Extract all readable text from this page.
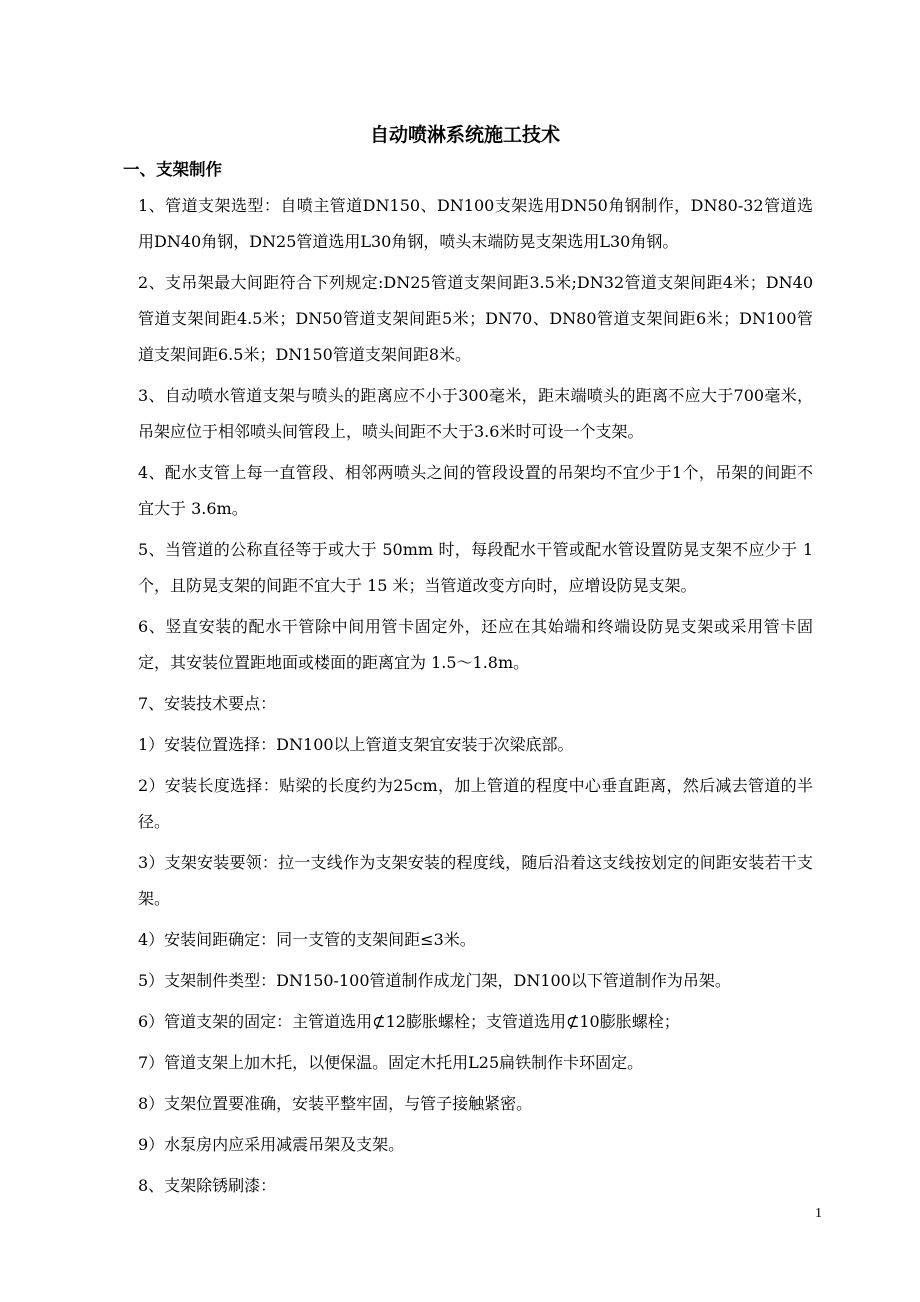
自动喷淋系统施工技术
一、支架制作

1、管道支架选型：自喷主管道DN150、DN100支架选用DN50角钢制作，DN80-32管道选用DN40角钢，DN25管道选用L30角钢，喷头末端防晃支架选用L30角钢。

2、支吊架最大间距符合下列规定:DN25管道支架间距3.5米;DN32管道支架间距4米；DN40管道支架间距4.5米；DN50管道支架间距5米；DN70、DN80管道支架间距6米；DN100管道支架间距6.5米；DN150管道支架间距8米。

3、自动喷水管道支架与喷头的距离应不小于300毫米，距末端喷头的距离不应大于700毫米，吊架应位于相邻喷头间管段上，喷头间距不大于3.6米时可设一个支架。

4、配水支管上每一直管段、相邻两喷头之间的管段设置的吊架均不宜少于1个，吊架的间距不宜大于 3.6m。

5、当管道的公称直径等于或大于 50mm 时，每段配水干管或配水管设置防晃支架不应少于 1 个，且防晃支架的间距不宜大于 15 米；当管道改变方向时，应增设防晃支架。

6、竖直安装的配水干管除中间用管卡固定外，还应在其始端和终端设防晃支架或采用管卡固定，其安装位置距地面或楼面的距离宜为 1.5～1.8m。

7、安装技术要点：

1）安装位置选择：DN100以上管道支架宜安装于次梁底部。

2）安装长度选择：贴梁的长度约为25cm，加上管道的程度中心垂直距离，然后减去管道的半径。

3）支架安装要领：拉一支线作为支架安装的程度线，随后沿着这支线按划定的间距安装若干支架。

4）安装间距确定：同一支管的支架间距≤3米。

5）支架制件类型：DN150-100管道制作成龙门架，DN100以下管道制作为吊架。

6）管道支架的固定：主管道选用⊄12膨胀螺栓；支管道选用⊄10膨胀螺栓；

7）管道支架上加木托，以便保温。固定木托用L25扁铁制作卡环固定。

8）支架位置要准确，安装平整牢固，与管子接触紧密。

9）水泵房内应采用减震吊架及支架。

8、支架除锈刷漆：

1
